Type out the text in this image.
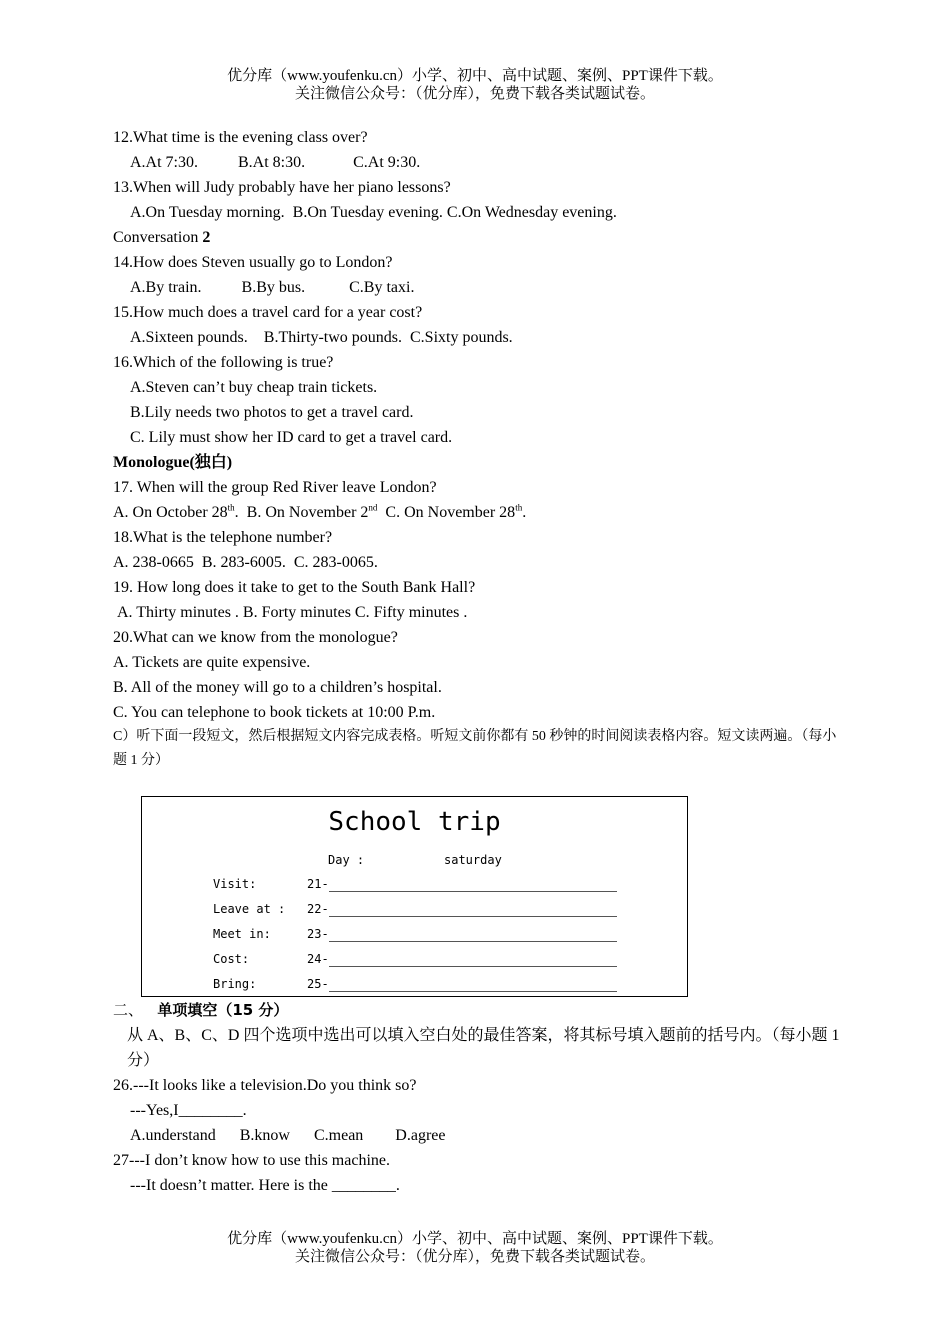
优分库（www.youfenku.cn）小学、初中、高中试题、案例、PPT课件下载。
关注微信公众号：（优分库），免费下载各类试题试卷。
12.What time is the evening class over?
A.At 7:30.          B.At 8:30.            C.At 9:30.
13.When will Judy probably have her piano lessons?
A.On Tuesday morning.  B.On Tuesday evening. C.On Wednesday evening.
Conversation 2
14.How does Steven usually go to London?
A.By train.          B.By bus.           C.By taxi.
15.How much does a travel card for a year cost?
A.Sixteen pounds.    B.Thirty-two pounds.  C.Sixty pounds.
16.Which of the following is true?
A.Steven can’t buy cheap train tickets.
B.Lily needs two photos to get a travel card.
C. Lily must show her ID card to get a travel card.
Monologue(独白)
17. When will the group Red River leave London?
A. On October 28th.  B. On November 2nd  C. On November 28th.
18.What is the telephone number?
A. 238-0665  B. 283-6005.  C. 283-0065.
19. How long does it take to get to the South Bank Hall?
A. Thirty minutes . B. Forty minutes C. Fifty minutes .
20.What can we know from the monologue?
A. Tickets are quite expensive.
B. All of the money will go to a children’s hospital.
C. You can telephone to book tickets at 10:00 P.m.
C）听下面一段短文，然后根据短文内容完成表格。听短文前你都有 50 秒钟的时间阅读表格内容。短文读两遍。（每小题 1 分）
School trip
Day :	saturday
Visit:	21-
Leave at : 22-
Meet in:	23-
Cost:	24-
Bring:	25-
二、 单项填空（15 分）
从 A、B、C、D 四个选项中选出可以填入空白处的最佳答案，将其标号填入题前的括号内。（每小题 1 分）
26.---It looks like a television.Do you think so?
---Yes,I________.
A.understand      B.know      C.mean        D.agree
27---I don’t know how to use this machine.
---It doesn’t matter. Here is the ________.
优分库（www.youfenku.cn）小学、初中、高中试题、案例、PPT课件下载。
关注微信公众号：（优分库），免费下载各类试题试卷。
